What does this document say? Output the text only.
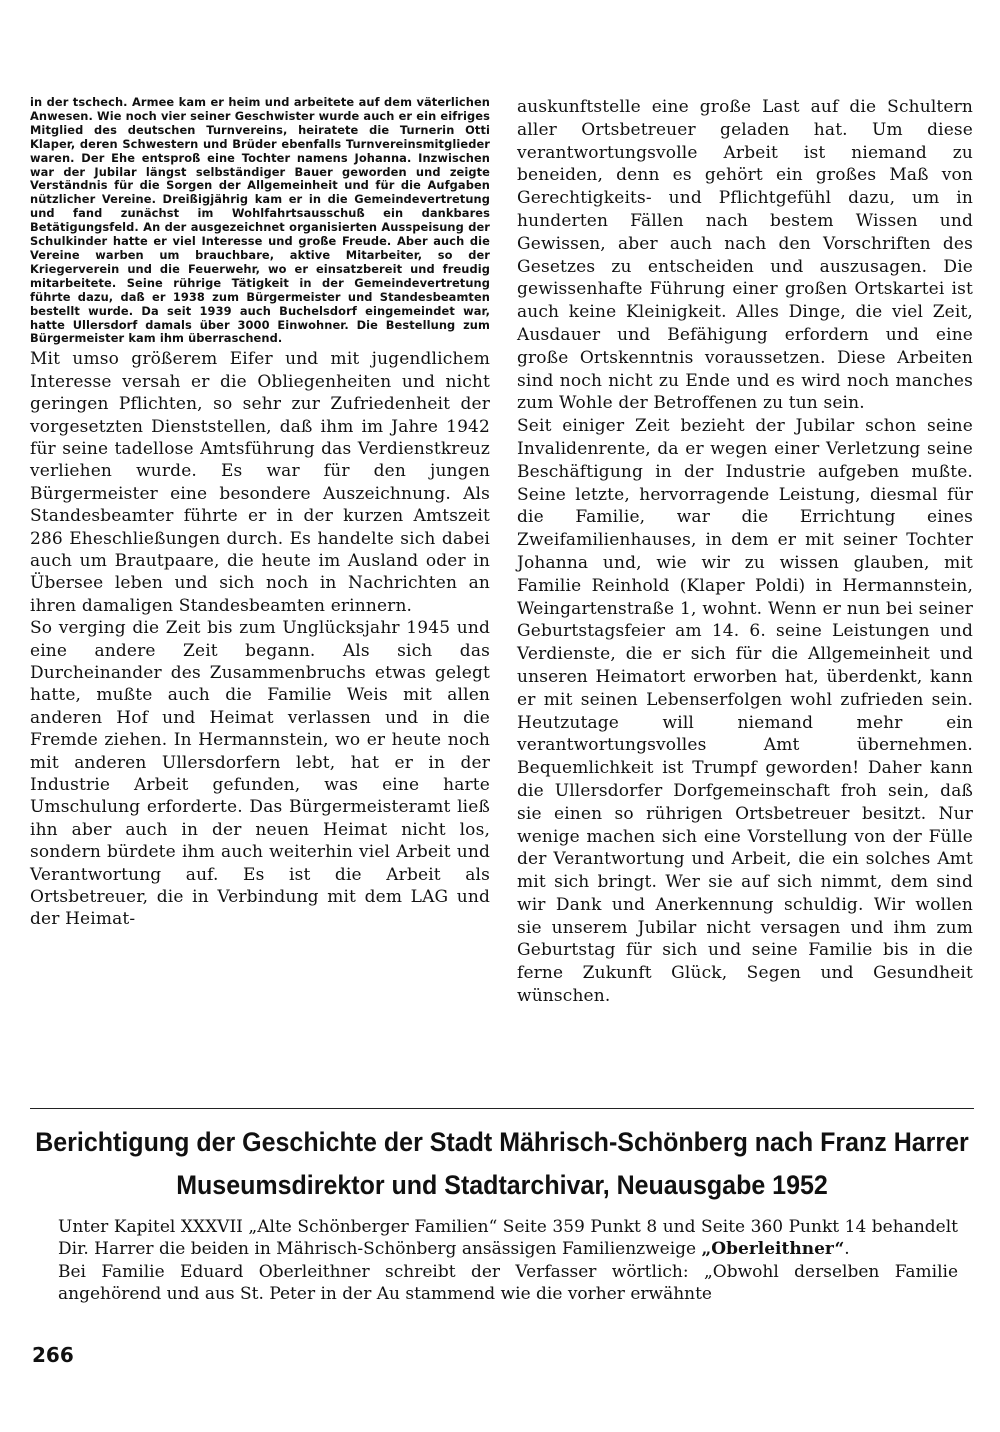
in der tschech. Armee kam er heim und arbeitete auf dem väterlichen Anwesen. Wie noch vier seiner Geschwister wurde auch er ein eifriges Mitglied des deutschen Turnvereins, heiratete die Turnerin Otti Klaper, deren Schwestern und Brüder ebenfalls Turnvereinsmitglieder waren. Der Ehe entsproß eine Tochter namens Johanna. Inzwischen war der Jubilar längst selbständiger Bauer geworden und zeigte Verständnis für die Sorgen der Allgemeinheit und für die Aufgaben nützlicher Vereine. Dreißigjährig kam er in die Gemeindevertretung und fand zunächst im Wohlfahrtsausschuß ein dankbares Betätigungsfeld. An der ausgezeichnet organisierten Ausspeisung der Schulkinder hatte er viel Interesse und große Freude. Aber auch die Vereine warben um brauchbare, aktive Mitarbeiter, so der Kriegerverein und die Feuerwehr, wo er einsatzbereit und freudig mitarbeitete. Seine rührige Tätigkeit in der Gemeindevertretung führte dazu, daß er 1938 zum Bürgermeister und Standesbeamten bestellt wurde. Da seit 1939 auch Buchelsdorf eingemeindet war, hatte Ullersdorf damals über 3000 Einwohner. Die Bestellung zum Bürgermeister kam ihm überraschend.

Mit umso größerem Eifer und mit jugendlichem Interesse versah er die Obliegenheiten und nicht geringen Pflichten, so sehr zur Zufriedenheit der vorgesetzten Dienststellen, daß ihm im Jahre 1942 für seine tadellose Amtsführung das Verdienstkreuz verliehen wurde. Es war für den jungen Bürgermeister eine besondere Auszeichnung. Als Standesbeamter führte er in der kurzen Amtszeit 286 Eheschließungen durch. Es handelte sich dabei auch um Brautpaare, die heute im Ausland oder in Übersee leben und sich noch in Nachrichten an ihren damaligen Standesbeamten erinnern.

So verging die Zeit bis zum Unglücksjahr 1945 und eine andere Zeit begann. Als sich das Durcheinander des Zusammenbruchs etwas gelegt hatte, mußte auch die Familie Weis mit allen anderen Hof und Heimat verlassen und in die Fremde ziehen. In Hermannstein, wo er heute noch mit anderen Ullersdorfern lebt, hat er in der Industrie Arbeit gefunden, was eine harte Umschulung erforderte. Das Bürgermeisteramt ließ ihn aber auch in der neuen Heimat nicht los, sondern bürdete ihm auch weiterhin viel Arbeit und Verantwortung auf. Es ist die Arbeit als Ortsbetreuer, die in Verbindung mit dem LAG und der Heimat-

auskunftstelle eine große Last auf die Schultern aller Ortsbetreuer geladen hat. Um diese verantwortungsvolle Arbeit ist niemand zu beneiden, denn es gehört ein großes Maß von Gerechtigkeits- und Pflichtgefühl dazu, um in hunderten Fällen nach bestem Wissen und Gewissen, aber auch nach den Vorschriften des Gesetzes zu entscheiden und auszusagen. Die gewissenhafte Führung einer großen Ortskartei ist auch keine Kleinigkeit. Alles Dinge, die viel Zeit, Ausdauer und Befähigung erfordern und eine große Ortskenntnis voraussetzen. Diese Arbeiten sind noch nicht zu Ende und es wird noch manches zum Wohle der Betroffenen zu tun sein.

Seit einiger Zeit bezieht der Jubilar schon seine Invalidenrente, da er wegen einer Verletzung seine Beschäftigung in der Industrie aufgeben mußte. Seine letzte, hervorragende Leistung, diesmal für die Familie, war die Errichtung eines Zweifamilienhauses, in dem er mit seiner Tochter Johanna und, wie wir zu wissen glauben, mit Familie Reinhold (Klaper Poldi) in Hermannstein, Weingartenstraße 1, wohnt. Wenn er nun bei seiner Geburtstagsfeier am 14. 6. seine Leistungen und Verdienste, die er sich für die Allgemeinheit und unseren Heimatort erworben hat, überdenkt, kann er mit seinen Lebenserfolgen wohl zufrieden sein. Heutzutage will niemand mehr ein verantwortungsvolles Amt übernehmen. Bequemlichkeit ist Trumpf geworden! Daher kann die Ullersdorfer Dorfgemeinschaft froh sein, daß sie einen so rührigen Ortsbetreuer besitzt. Nur wenige machen sich eine Vorstellung von der Fülle der Verantwortung und Arbeit, die ein solches Amt mit sich bringt. Wer sie auf sich nimmt, dem sind wir Dank und Anerkennung schuldig. Wir wollen sie unserem Jubilar nicht versagen und ihm zum Geburtstag für sich und seine Familie bis in die ferne Zukunft Glück, Segen und Gesundheit wünschen.

Berichtigung der Geschichte der Stadt Mährisch-Schönberg nach Franz Harrer
Museumsdirektor und Stadtarchivar, Neuausgabe 1952

Unter Kapitel XXXVII „Alte Schönberger Familien“ Seite 359 Punkt 8 und Seite 360 Punkt 14 behandelt Dir. Harrer die beiden in Mährisch-Schönberg ansässigen Familienzweige „Oberleithner“.

Bei Familie Eduard Oberleithner schreibt der Verfasser wörtlich: „Obwohl derselben Familie angehörend und aus St. Peter in der Au stammend wie die vorher erwähnte

266
